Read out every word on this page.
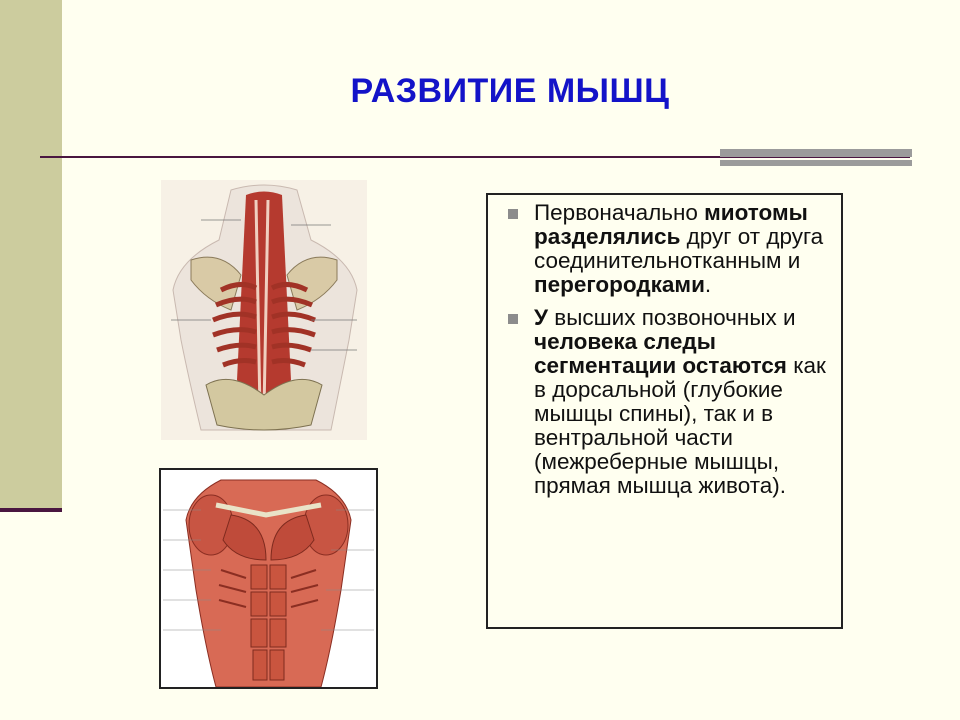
РАЗВИТИЕ МЫШЦ
Первоначально миотомы разделялись друг от друга соединительнотканным и перегородками.
У высших позвоночных и человека следы сегментации остаются как в дорсальной (глубокие мышцы спины), так и в вентральной части (межреберные мышцы, прямая мышца живота).
